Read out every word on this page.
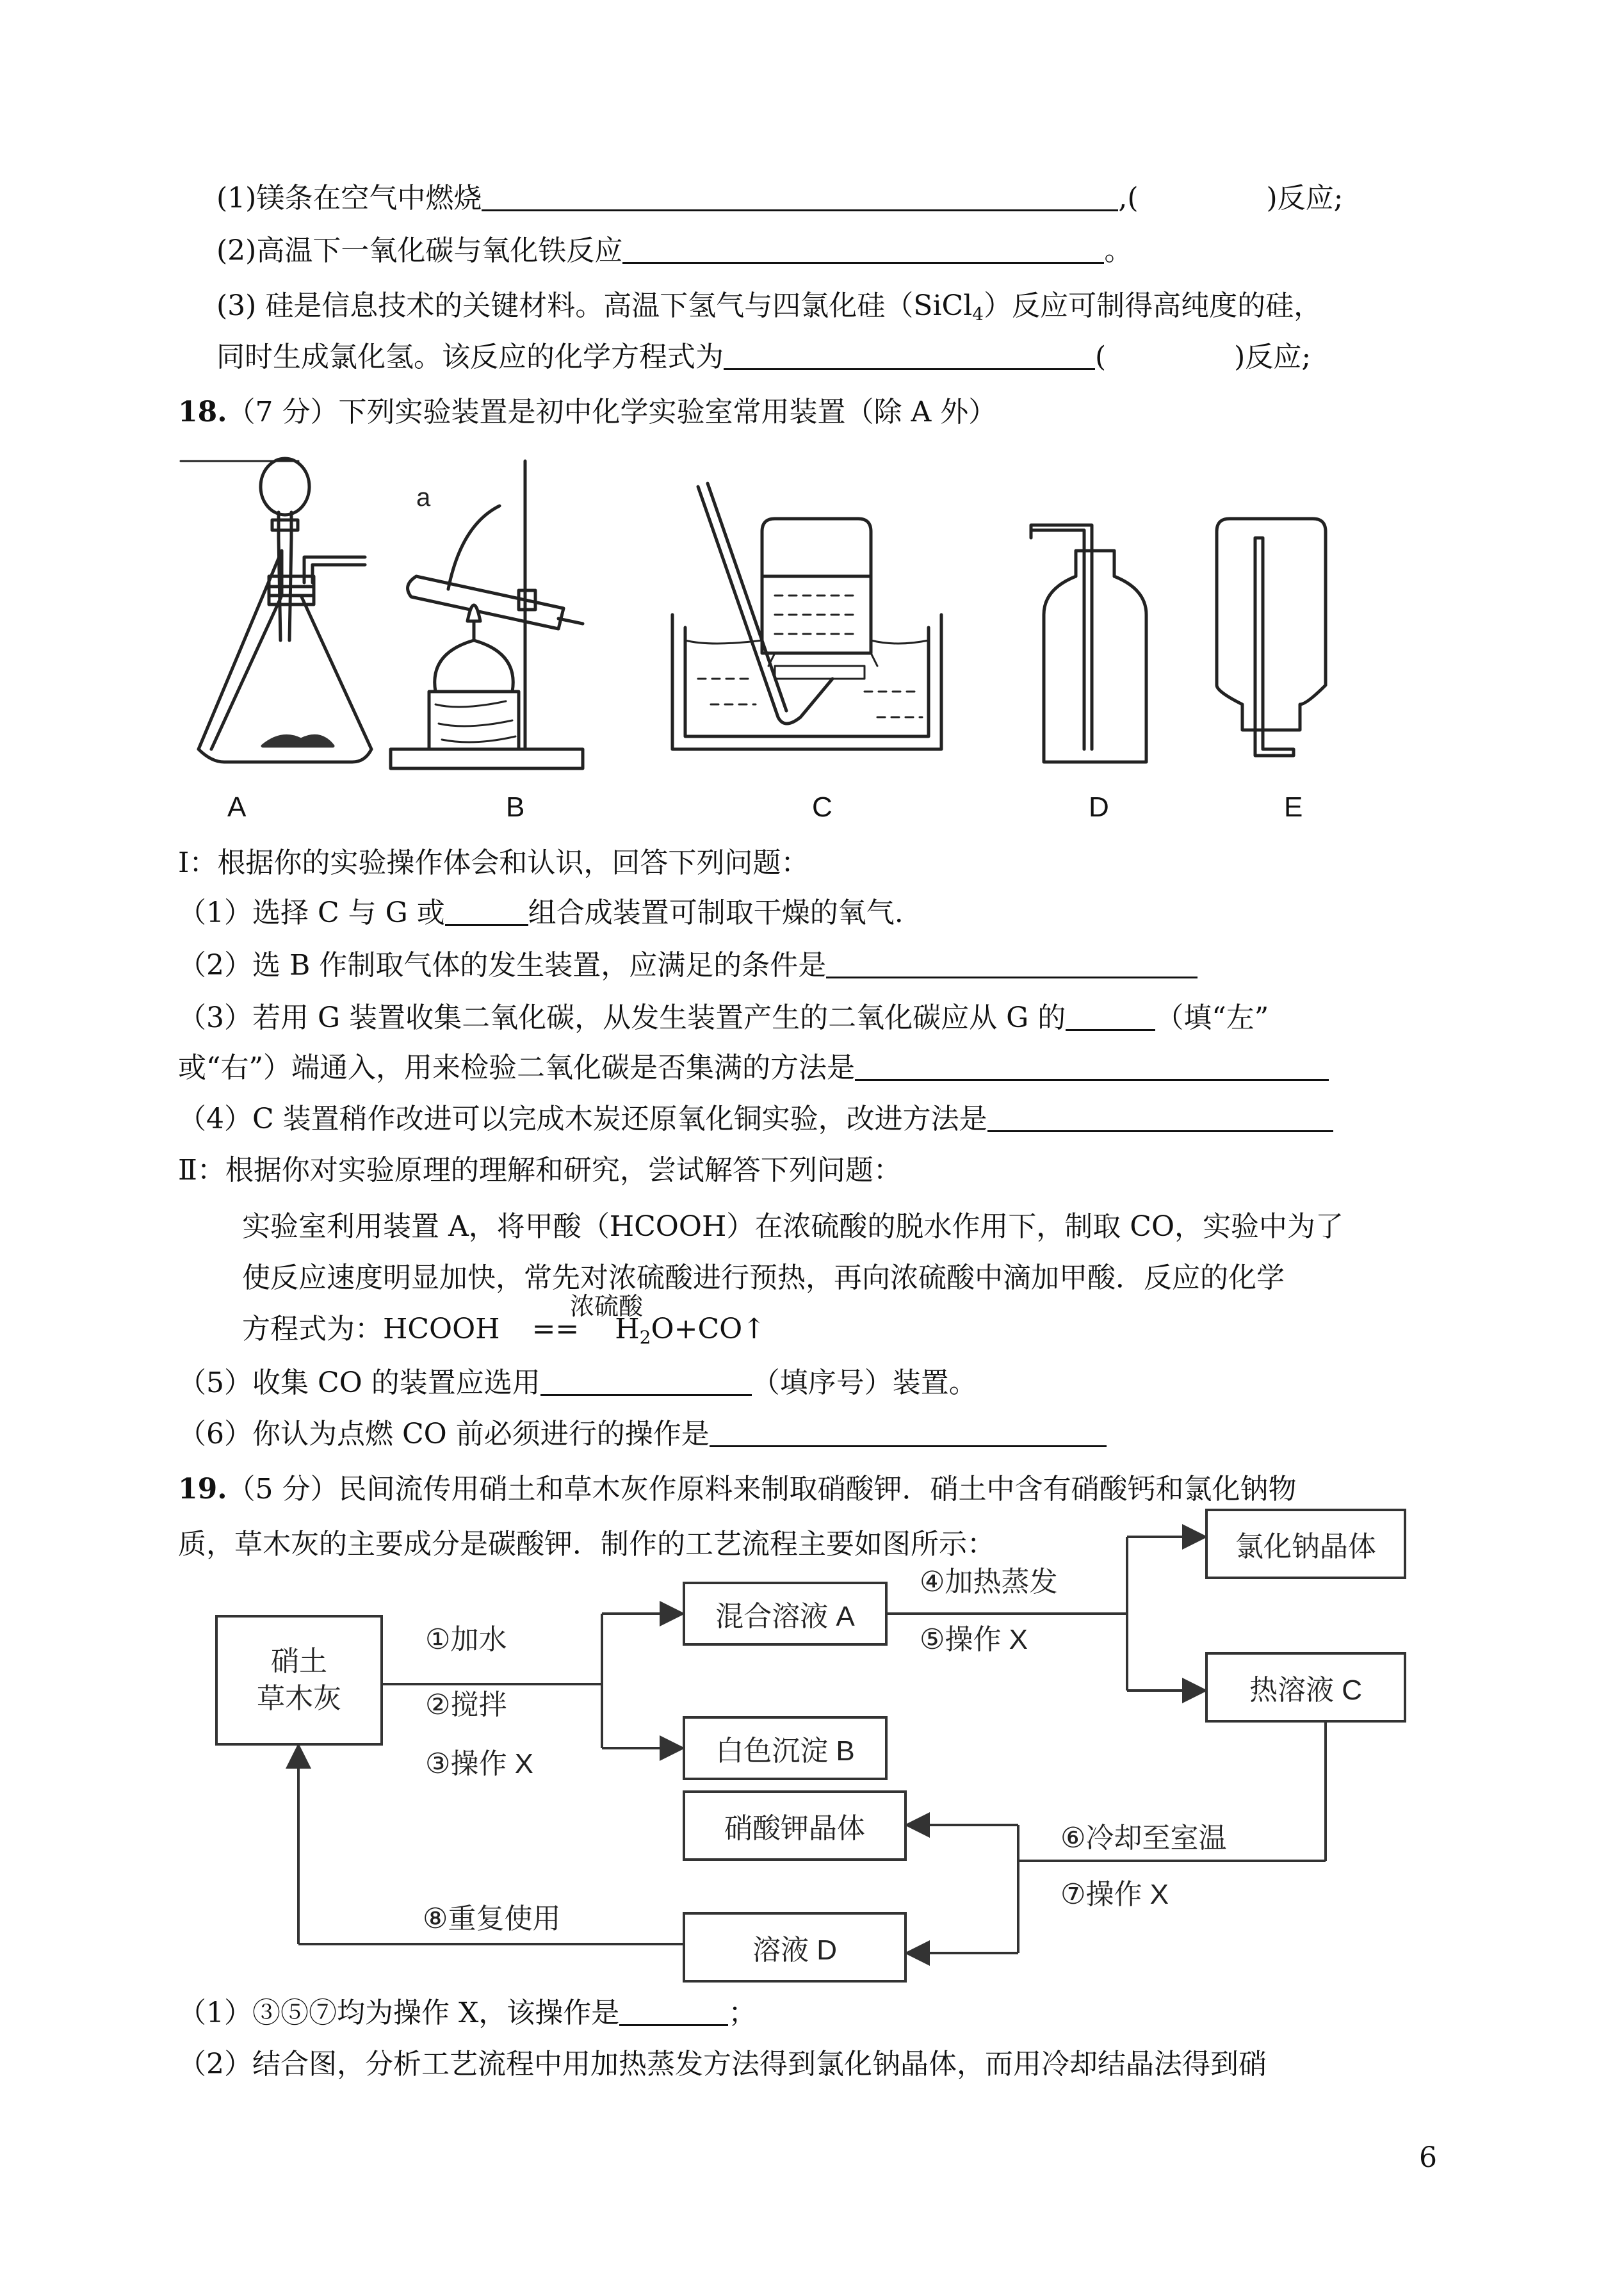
(1)镁条在空气中燃烧	,(	)反应;
(2)高温下一氧化碳与氧化铁反应	。
(3) 硅是信息技术的关键材料。高温下氢气与四氯化硅（SiCl$_4$）反应可制得高纯度的硅，
同时生成氯化氢。该反应的化学方程式为	(	)反应;
18.（7 分）下列实验装置是初中化学实验室常用装置（除 A 外）
a
A	B	C	D	E
Ⅰ：根据你的实验操作体会和认识，回答下列问题：
（1）选择 C 与 G 或	组合成装置可制取干燥的氧气.
（2）选 B 作制取气体的发生装置，应满足的条件是
（3）若用 G 装置收集二氧化碳，从发生装置产生的二氧化碳应从 G 的	（填“左”
或“右”）端通入，用来检验二氧化碳是否集满的方法是
（4）C 装置稍作改进可以完成木炭还原氧化铜实验，改进方法是
Ⅱ：根据你对实验原理的理解和研究，尝试解答下列问题：
实验室利用装置 A，将甲酸（HCOOH）在浓硫酸的脱水作用下，制取 CO，实验中为了
使反应速度明显加快，常先对浓硫酸进行预热，再向浓硫酸中滴加甲酸．反应的化学
方程式为：HCOOH == $H_2O+CO↑$
浓硫酸
（5）收集 CO 的装置应选用	（填序号）装置。
（6）你认为点燃 CO 前必须进行的操作是
19.（5 分）民间流传用硝土和草木灰作原料来制取硝酸钾．硝土中含有硝酸钙和氯化钠物
质，草木灰的主要成分是碳酸钾．制作的工艺流程主要如图所示：
硝土
草木灰
混合溶液 A
白色沉淀 B
氯化钠晶体
热溶液 C
硝酸钾晶体
溶液 D
①加水
②搅拌
③操作 X
④加热蒸发
⑤操作 X
⑥冷却至室温
⑦操作 X
⑧重复使用
（1）③⑤⑦均为操作 X，该操作是	；
（2）结合图，分析工艺流程中用加热蒸发方法得到氯化钠晶体，而用冷却结晶法得到硝
6
